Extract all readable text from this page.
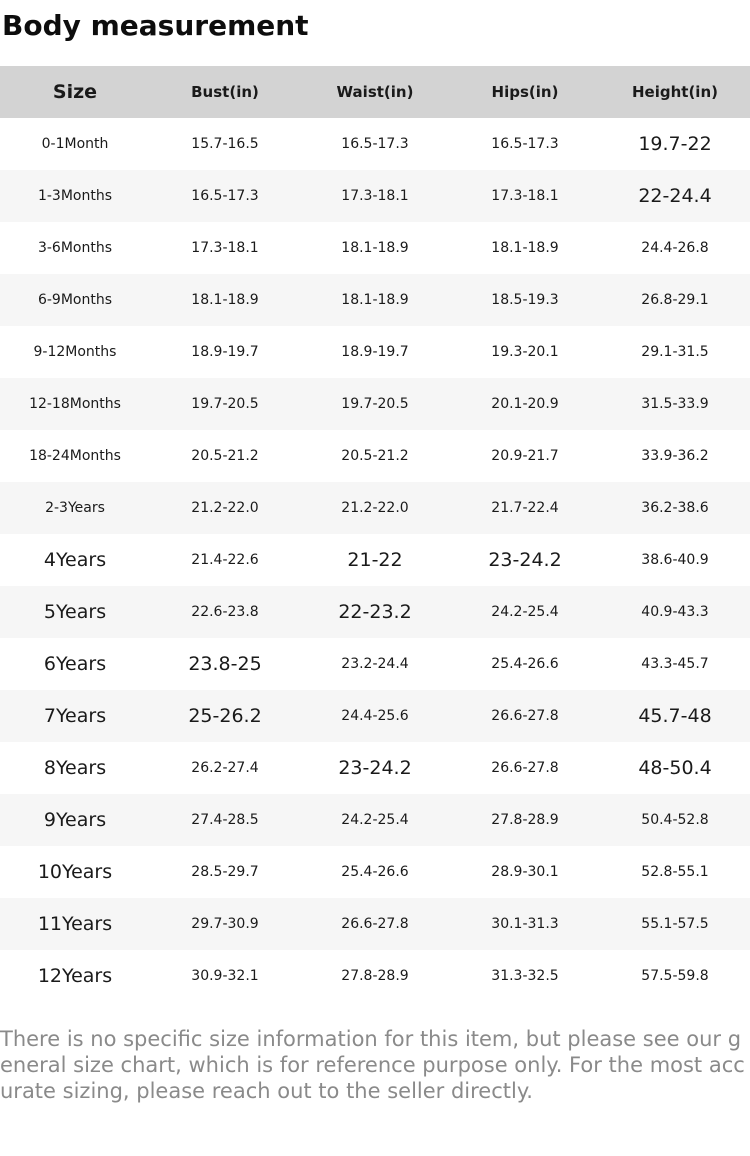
Body measurement
Size	Bust(in)	Waist(in)	Hips(in)	Height(in)
0-1Month	15.7-16.5	16.5-17.3	16.5-17.3	19.7-22
1-3Months	16.5-17.3	17.3-18.1	17.3-18.1	22-24.4
3-6Months	17.3-18.1	18.1-18.9	18.1-18.9	24.4-26.8
6-9Months	18.1-18.9	18.1-18.9	18.5-19.3	26.8-29.1
9-12Months	18.9-19.7	18.9-19.7	19.3-20.1	29.1-31.5
12-18Months	19.7-20.5	19.7-20.5	20.1-20.9	31.5-33.9
18-24Months	20.5-21.2	20.5-21.2	20.9-21.7	33.9-36.2
2-3Years	21.2-22.0	21.2-22.0	21.7-22.4	36.2-38.6
4Years	21.4-22.6	21-22	23-24.2	38.6-40.9
5Years	22.6-23.8	22-23.2	24.2-25.4	40.9-43.3
6Years	23.8-25	23.2-24.4	25.4-26.6	43.3-45.7
7Years	25-26.2	24.4-25.6	26.6-27.8	45.7-48
8Years	26.2-27.4	23-24.2	26.6-27.8	48-50.4
9Years	27.4-28.5	24.2-25.4	27.8-28.9	50.4-52.8
10Years	28.5-29.7	25.4-26.6	28.9-30.1	52.8-55.1
11Years	29.7-30.9	26.6-27.8	30.1-31.3	55.1-57.5
12Years	30.9-32.1	27.8-28.9	31.3-32.5	57.5-59.8

There is no specific size information for this item, but please see our general size chart, which is for reference purpose only. For the most accurate sizing, please reach out to the seller directly.
